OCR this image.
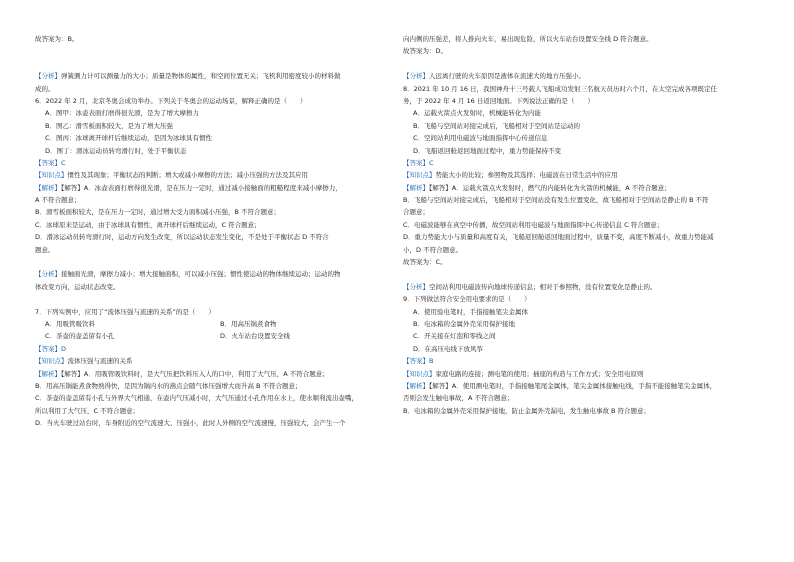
故答案为：B。
【分析】弹簧测力计可以测量力的大小；质量是物体的属性，和空间位置无关；飞机利用密度较小的材料做
成的。
6．2022 年 2 月，北京冬奥会成功举办。下列关于冬奥会的运动场景，解释正确的是（　　）
A．图甲：冰壶表面打磨得很光滑，是为了增大摩擦力
B．图乙：滑雪板面积较大，是为了增大压强
C．图丙：冰球离开球杆后继续运动，是因为冰球具有惯性
D．图丁：滑冰运动员转弯滑行时，处于平衡状态
【答案】C
【知识点】惯性及其现象；平衡状态的判断；增大或减小摩擦的方法；减小压强的方法及其应用
【解析】【解答】A．冰壶表面打磨得很光滑，是在压力一定时，通过减小接触面的粗糙程度来减小摩擦力，
A 不符合题意；
B．滑雪板面积较大，是在压力一定时，通过增大受力面积减小压强，B 不符合题意；
C．冰球原来是运动，由于冰球具有惯性，离开球杆后继续运动，C 符合题意；
D．滑冰运动员转弯滑行时，运动方向发生改变，所以运动状态发生变化，不是处于平衡状态 D 不符合
题意。
【分析】接触面光滑，摩擦力减小；增大接触面积，可以减小压强；惯性使运动的物体继续运动；运动的物
体改变方向，运动状态改变。
7．下列实例中，应用了“流体压强与流速的关系”的是（　　）
A．用吸管吸饮料	B．用高压锅煮食物
C．茶壶的壶盖留有小孔	D．火车站台设置安全线
【答案】D
【知识点】流体压强与流速的关系
【解析】【解答】A．用吸管吸饮料时，是大气压把饮料压入人的口中，利用了大气压，A 不符合题意；
B．用高压锅能煮食物熟得快，是因为锅内水的沸点会随气体压强增大而升高 B 不符合题意；
C．茶壶的壶盖留有小孔与外界大气相通，在壶内气压减小时，大气压通过小孔作用在水上，使水顺利流出壶嘴，
所以利用了大气压，C 不符合题意；
D．当火车驶过站台时，车身附近的空气流速大、压强小，此时人外侧的空气流速慢，压强较大，会产生一个
向内侧的压强差，将人推向火车，易出现危险，所以火车站台设置安全线 D 符合题意。
故答案为：D。
【分析】人远离行驶的火车原因是液体在流速大的地方压强小。
8．2021 年 10 月 16 日，我国神舟十三号载人飞船成功发射三名航天员历时六个月，在太空完成各项既定任
务，于 2022 年 4 月 16 日返回地面。下列说法正确的是（　　）
A．运载火箭点火发射时，机械能转化为内能
B．飞船与空间站对接完成后，飞船相对于空间站是运动的
C．空间站利用电磁波与地面指挥中心传递信息
D．飞船返回舱返回地面过程中，重力势能保持不变
【答案】C
【知识点】势能大小的比较；参照物及其选择；电磁波在日常生活中的应用
【解析】【解答】A．运载火箭点火发射时，燃气的内能转化为火箭的机械能，A 不符合题意；
B．飞船与空间站对接完成后，飞船相对于空间站没有发生位置变化，故飞船相对于空间站是静止的 B 不符
合题意；
C．电磁波能够在真空中传播，故空间站利用电磁波与地面指挥中心传递信息 C 符合题意；
D．重力势能大小与质量和高度有关，飞船返回舱返回地面过程中，质量不变，高度不断减小，故重力势能减
小，D 不符合题意。
故答案为：C。
【分析】空间站利用电磁波传向地球传递信息；相对于参照物，没有位置变化是静止的。
9．下列做法符合安全用电要求的是（　　）
A．使用验电笔时，手指接触笔尖金属体
B．电冰箱的金属外壳采用保护接地
C．开关接在灯泡和零线之间
D．在高压电线下放风筝
【答案】B
【知识点】家庭电路的连接；测电笔的使用；插座的构造与工作方式；安全用电原则
【解析】【解答】A．使用测电笔时，手指接触笔尾金属体，笔尖金属体接触电线，手指不能接触笔尖金属体，
否则会发生触电事故，A 不符合题意；
B．电冰箱的金属外壳采用保护接地，防止金属外壳漏电，发生触电事故 B 符合题意；
